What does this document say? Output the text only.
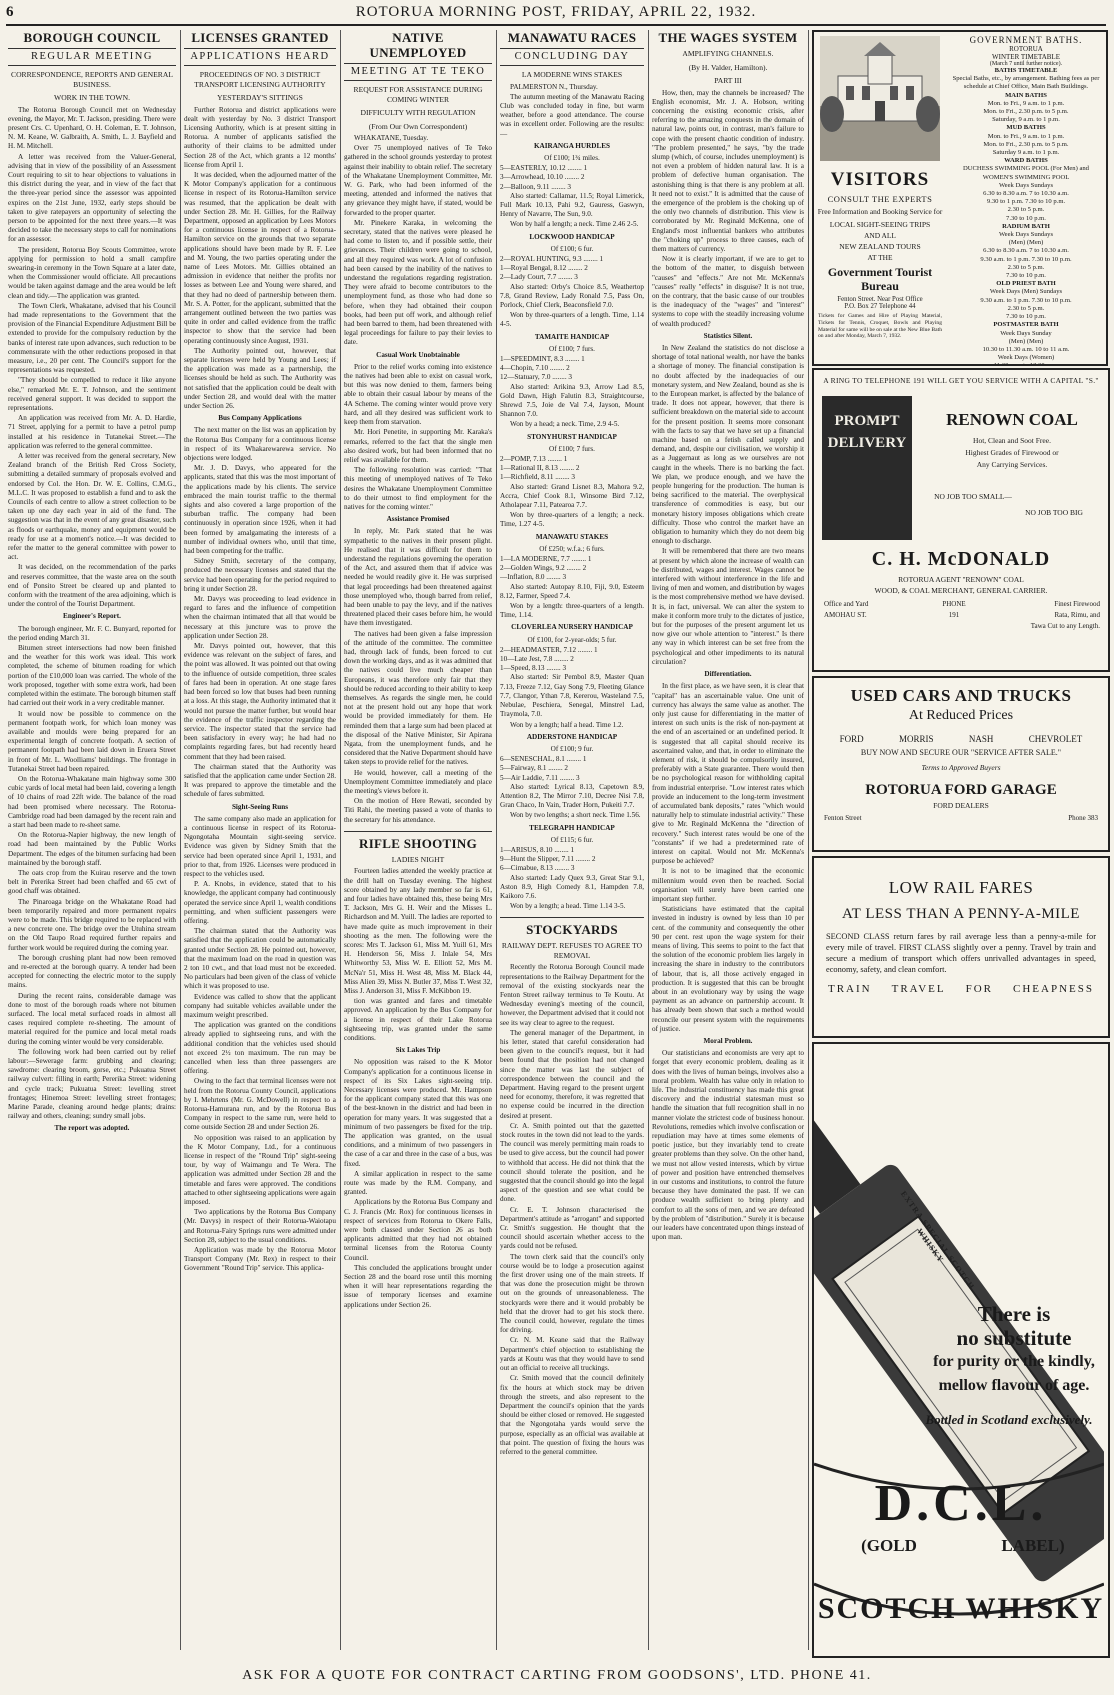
6	ROTORUA MORNING POST, FRIDAY, APRIL 22, 1932.
BOROUGH COUNCIL
REGULAR MEETING
CORRESPONDENCE, REPORTS AND GENERAL BUSINESS.
WORK IN THE TOWN.

The Rotorua Borough Council met on Wednesday evening, the Mayor, Mr. T. Jackson, presiding. There were present Crs. C. Upenhard, O. H. Coleman, E. T. Johnson, N. M. Keane, W. Galbraith, A. Smith, L. J. Bayfield and H. M. Mitchell.

A letter was received from the Valuer-General, advising that in view of the possibility of an Assessment Court requiring to sit to hear objections to valuations in this district during the year, and in view of the fact that the three-year period since the assessor was appointed expires on the 21st June, 1932, early steps should be taken to give ratepayers an opportunity of selecting the person to be appointed for the next three years.—It was decided to take the necessary steps to call for nominations for an assessor.

The president, Rotorua Boy Scouts Committee, wrote applying for permission to hold a small campfire swearing-in ceremony in the Town Square at a later date, when the Commissioner would officiate. All precautions would be taken against damage and the area would be left clean and tidy.—The application was granted.

The Town Clerk, Whakatane, advised that his Council had made representations to the Government that the provision of the Financial Expenditure Adjustment Bill be extended to provide for the compulsory reduction by the banks of interest rate upon advances, such reduction to be commensurate with the other reductions proposed in that measure, i.e., 20 per cent. The Council's support for the representations was requested.

"They should be compelled to reduce it like anyone else," remarked Mr. E. T. Johnson, and the sentiment received general support. It was decided to support the representations.

An application was received from Mr. A. D. Hardie, 71 Street, applying for a permit to have a petrol pump installed at his residence in Tutanekai Street.—The application was referred to the general committee.

A letter was received from the general secretary, New Zealand branch of the British Red Cross Society, submitting a detailed summary of proposals evolved and endorsed by Col. the Hon. Dr. W. E. Collins, C.M.G., M.L.C. It was proposed to establish a fund and to ask the Councils of each centre to allow a street collection to be taken up one day each year in aid of the fund. The suggestion was that in the event of any great disaster, such as floods or earthquake, money and equipment would be ready for use at a moment's notice.—It was decided to refer the matter to the general committee with power to act.

It was decided, on the recommendation of the parks and reserves committee, that the waste area on the south end of Ponsito Street be cleared up and planted to conform with the treatment of the area adjoining, which is under the control of the Tourist Department.

Engineer's Report.

The borough engineer, Mr. F. C. Bunyard, reported for the period ending March 31.

Bitumen street intersections had now been finished and the weather for this work was ideal. This work completed, the scheme of bitumen roading for which portion of the £10,000 loan was carried. The whole of the work proposed, together with some extra work, had been completed within the estimate. The borough bitumen staff had carried out their work in a very creditable manner.

It would now be possible to commence on the permanent footpath work, for which loan money was available and moulds were being prepared for an experimental length of concrete footpath. A section of permanent footpath had been laid down in Eruera Street in front of Mr. L. Woolliams' buildings. The frontage in Tutanekai Street had been repaired.

On the Rotorua-Whakatane main highway some 300 cubic yards of local metal had been laid, covering a length of 10 chains of road 22ft wide. The balance of the road had been promised where necessary. The Rotorua-Cambridge road had been damaged by the recent rain and a start had been made to re-sheet same.

On the Rotorua-Napier highway, the new length of road had been maintained by the Public Works Department. The edges of the bitumen surfacing had been maintained by the borough staff.

The oats crop from the Kuirau reserve and the town belt in Pererika Street had been chaffed and 65 cwt of good chaff was obtained.

The Pinaroaga bridge on the Whakatane Road had been temporarily repaired and more permanent repairs were to be made. This bridge required to be replaced with a new concrete one. The bridge over the Utuhina stream on the Old Taupo Road required further repairs and further work would be required during the coming year.

The borough crushing plant had now been removed and re-erected at the borough quarry. A tender had been accepted for connecting the electric motor to the supply mains.

During the recent rains, considerable damage was done to most of the borough roads where not bitumen surfaced. The local metal surfaced roads in almost all cases required complete re-sheeting. The amount of material required for the pumice and local metal roads during the coming winter would be very considerable.

The following work had been carried out by relief labour:—Sewerage farm: grubbing and clearing; sawdrome: clearing broom, gorse, etc.; Pukuatua Street railway culvert: filling in earth; Pererika Street: widening and cycle track; Pukuatua Street: levelling street frontages; Hinemoa Street: levelling street frontages; Marine Parade, cleaning around hedge plants; drains: railway and others, cleaning; sundry small jobs.

The report was adopted.

LICENSES GRANTED
APPLICATIONS HEARD
PROCEEDINGS OF NO. 3 DISTRICT TRANSPORT LICENSING AUTHORITY
YESTERDAY'S SITTINGS

Further Rotorua and district applications were dealt with yesterday by No. 3 district Transport Licensing Authority, which is at present sitting in Rotorua. A number of applicants satisfied the authority of their claims to be admitted under Section 28 of the Act, which grants a 12 months' license from April 1.

It was decided, when the adjourned matter of the K Motor Company's application for a continuous license in respect of its Rotorua-Hamilton service was resumed, that the application be dealt with under Section 28. Mr. H. Gillies, for the Railway Department, opposed an application by Lees Motors for a continuous license in respect of a Rotorua-Hamilton service on the grounds that two separate applications should have been made by R. F. Lee and M. Young, the two parties operating under the name of Lees Motors. Mr. Gillies obtained an admission in evidence that neither the profits nor losses as between Lee and Young were shared, and that they had no deed of partnership between them. Mr. S. A. Potter, for the applicant, submitted that the arrangement outlined between the two parties was quite in order and called evidence from the traffic inspector to show that the service had been operating continuously since August, 1931.

The Authority pointed out, however, that separate licenses were held by Young and Lees; if the application was made as a partnership, the licenses should be held as such. The Authority was not satisfied that the application could be dealt with under Section 28, and would deal with the matter under Section 26.

Bus Company Applications

The next matter on the list was an application by the Rotorua Bus Company for a continuous license in respect of its Whakarewarewa service. No objections were lodged.

Mr. J. D. Davys, who appeared for the applicants, stated that this was the most important of the applications made by his clients. The service embraced the main tourist traffic to the thermal sights and also covered a large proportion of the suburban traffic. The company had been continuously in operation since 1926, when it had been formed by amalgamating the interests of a number of individual owners who, until that time, had been competing for the traffic.

Sidney Smith, secretary of the company, produced the necessary licenses and stated that the service had been operating for the period required to bring it under Section 28.

Mr. Davys was proceeding to lead evidence in regard to fares and the influence of competition when the chairman intimated that all that would be necessary at this juncture was to prove the application under Section 28.

Mr. Davys pointed out, however, that this evidence was relevant on the subject of fares, and the point was allowed. It was pointed out that owing to the influence of outside competition, three scales of fares had been in operation. At one stage fares had been forced so low that buses had been running at a loss. At this stage, the Authority intimated that it would not pursue the matter further, but would hear the evidence of the traffic inspector regarding the service. The inspector stated that the service had been satisfactory in every way; he had had no complaints regarding fares, but had recently heard comment that they had been raised.

The chairman stated that the Authority was satisfied that the application came under Section 28. It was prepared to approve the timetable and the schedule of fares submitted.

Sight-Seeing Runs

The same company also made an application for a continuous license in respect of its Rotorua-Ngongotaha Mountain sight-seeing service. Evidence was given by Sidney Smith that the service had been operated since April 1, 1931, and prior to that, from 1926. Licenses were produced in respect to the vehicles used.

P. A. Knobs, in evidence, stated that to his knowledge, the applicant company had continuously operated the service since April 1, wealth conditions permitting, and when sufficient passengers were offering.

The chairman stated that the Authority was satisfied that the application could be automatically granted under Section 28. He pointed out, however, that the maximum load on the road in question was 2 ton 10 cwt., and that load must not be exceeded. No particulars had been given of the class of vehicle which it was proposed to use.

Evidence was called to show that the applicant company had suitable vehicles available under the maximum weight prescribed.

The application was granted on the conditions already applied to sightseeing runs, and with the additional condition that the vehicles used should not exceed 2½ ton maximum. The run may be cancelled when less than three passengers are offering.

Owing to the fact that terminal licenses were not held from the Rotorua County Council, applications by I. Mehrtens (Mr. G. McDowell) in respect to a Rotorua-Hamurana run, and by the Rotorua Bus Company in respect to the same run, were held to come outside Section 28 and under Section 26.

No opposition was raised to an application by the K Motor Company, Ltd., for a continuous license in respect of the "Round Trip" sight-seeing tour, by way of Waimangu and Te Wera. The application was admitted under Section 28 and the timetable and fares were approved. The conditions attached to other sightseeing applications were again imposed.

Two applications by the Rotorua Bus Company (Mr. Davys) in respect of their Rotorua-Waiotapu and Rotorua-Fairy Springs runs were admitted under Section 28, subject to the usual conditions.

Application was made by the Rotorua Motor Transport Company (Mr. Rex) in respect to their Government "Round Trip" service. This applica-

NATIVE UNEMPLOYED
MEETING AT TE TEKO
REQUEST FOR ASSISTANCE DURING COMING WINTER
DIFFICULTY WITH REGULATION
(From Our Own Correspondent)

WHAKATANE, Tuesday.

Over 75 unemployed natives of Te Teko gathered in the school grounds yesterday to protest against their inability to obtain relief. The secretary of the Whakatane Unemployment Committee, Mr. W. G. Park, who had been informed of the meeting, attended and informed the natives that any grievance they might have, if stated, would be forwarded to the proper quarter.

Mr. Pinekere Karaka, in welcoming the secretary, stated that the natives were pleased he had come to listen to, and if possible settle, their grievances. Their children were going to school, and all they required was work. A lot of confusion had been caused by the inability of the natives to understand the regulations regarding registration. They were afraid to become contributors to the unemployment fund, as those who had done so before, when they had obtained their coupon books, had been put off work, and although relief had been barred to them, had been threatened with legal proceedings for failure to pay their levies to date.

Casual Work Unobtainable

Prior to the relief works coming into existence the natives had been able to exist on casual work, but this was now denied to them, farmers being able to obtain their casual labour by means of the 4A Scheme. The coming winter would prove very hard, and all they desired was sufficient work to keep them from starvation.

Mr. Hori Penetite, in supporting Mr. Karaka's remarks, referred to the fact that the single men also desired work, but had been informed that no relief was available for them.

The following resolution was carried: "That this meeting of unemployed natives of Te Teko desires the Whakatane Unemployment Committee to do their utmost to find employment for the natives for the coming winter."

Assistance Promised

In reply, Mr. Park stated that he was sympathetic to the natives in their present plight. He realised that it was difficult for them to understand the regulations governing the operation of the Act, and assured them that if advice was needed he would readily give it. He was surprised that legal proceedings had been threatened against those unemployed who, though barred from relief, had been unable to pay the levy, and if the natives threatened placed their cases before him, he would have them investigated.

The natives had been given a false impression of the attitude of the committee. The committee had, through lack of funds, been forced to cut down the working days, and as it was admitted that the natives could live much cheaper than Europeans, it was therefore only fair that they should be reduced according to their ability to keep themselves. As regards the single men, he could not at the present hold out any hope that work would be provided immediately for them. He reminded them that a large sum had been placed at the disposal of the Native Minister, Sir Apirana Ngata, from the unemployment funds, and he considered that the Native Department should have taken steps to provide relief for the natives.

He would, however, call a meeting of the Unemployment Committee immediately and place the meeting's views before it.

On the motion of Here Rewati, seconded by Titi Rahi, the meeting passed a vote of thanks to the secretary for his attendance.

RIFLE SHOOTING
LADIES NIGHT

Fourteen ladies attended the weekly practice at the drill hall on Tuesday evening. The highest score obtained by any lady member so far is 61, and four ladies have obtained this, these being Mrs T. Jackson, Mrs G. H. Weir and the Misses L. Richardson and M. Yuill. The ladies are reported to have made quite as much improvement in their shooting as the men. The following were the scores: Mrs T. Jackson 61, Miss M. Yuill 61, Mrs H. Henderson 56, Miss J. Inlale 54, Mrs Whitworthy 53, Miss W. E. Elliott 52, Mrs M. McNa'r 51, Miss H. West 48, Miss M. Black 44, Miss Alien 39, Miss N. Butler 37, Miss T. West 32, Miss J. Anderson 31, Miss F. McKibbon 19.

tion was granted and fares and timetable approved. An application by the Bus Company for a license in respect of their Lake Rotorua sightseeing trip, was granted under the same conditions.

Six Lakes Trip

No opposition was raised to the K Motor Company's application for a continuous license in respect of its Six Lakes sight-seeing trip. Necessary licenses were produced. Mr. Hampson for the applicant company stated that this was one of the best-known in the district and had been in operation for many years. It was suggested that a minimum of two passengers be fixed for the trip. The application was granted, on the usual conditions, and a minimum of two passengers in the case of a car and three in the case of a bus, was fixed.

A similar application in respect to the same route was made by the R.M. Company, and granted.

Applications by the Rotorua Bus Company and C. J. Francis (Mr. Rox) for continuous licenses in respect of services from Rotorua to Okere Falls, were both classed under Section 26 as both applicants admitted that they had not obtained terminal licenses from the Rotorua County Council.

This concluded the applications brought under Section 28 and the board rose until this morning when it will hear representations regarding the issue of temporary licenses and examine applications under Section 26.

MANAWATU RACES
CONCLUDING DAY
LA MODERNE WINS STAKES

PALMERSTON N., Thursday.

The autumn meeting of the Manawatu Racing Club was concluded today in fine, but warm weather, before a good attendance. The course was in excellent order. Following are the results:—

KAIRANGA HURDLES

Of £100; 1¾ miles.

5—EASTERLY, 10.12 ........ 1

3—Arrowhead, 10.10 ........ 2

2—Balloon, 9.11 ........ 3

Also started: Callamar, 11.5; Royal Limerick, Full Mark 10.13, Pahi 9.2, Gauress, Gaswyn, Henry of Navarre, The Sun, 9.0.

Won by half a length; a neck. Time 2.46 2-5.

LOCKWOOD HANDICAP

Of £100; 6 fur.

2—ROYAL HUNTING, 9.3 ........ 1

1—Royal Bengal, 8.12 ........ 2

2—Lady Court, 7.7 ........ 3

Also started: Orby's Choice 8.5, Weathertop 7.8, Grand Review, Lady Ronald 7.5, Pass On, Porlock, Chief Clerk, Beaconsfield 7.0.

Won by three-quarters of a length. Time, 1.14 4-5.

TAMAITE HANDICAP

Of £100; 7 furs.

1—SPEEDMINT, 8.3 ........ 1

4—Chopin, 7.10 ........ 2

12—Statuary, 7.0 ........ 3

Also started: Arikina 9.3, Arrow Lad 8.5, Gold Dawn, High Falutin 8.3, Straightcourse, Shrewd 7.5, Joie de Val 7.4, Jayson, Mount Shannon 7.0.

Won by a head; a neck. Time, 2.9 4-5.

STONYHURST HANDICAP

Of £100; 7 furs.

2—POMP, 7.13 ........ 1

1—Rational II, 8.13 ........ 2

1—Richfield, 8.11 ........ 3

Also started: Grand Lisnet 8.3, Mahora 9.2, Accra, Chief Cook 8.1, Winsome Bird 7.12, Atholapear 7.11, Patearoa 7.7.

Won by three-quarters of a length; a neck. Time, 1.27 4-5.

MANAWATU STAKES

Of £250; w.f.a.; 6 furs.

1—LA MODERNE, 7.7 ........ 1

2—Golden Wings, 9.2 ........ 2

—Inflation, 8.0 ........ 3

Also started: Autopay 8.10, Fiji, 9.0, Esteem 8.12, Farmer, Speed 7.4.

Won by a length: three-quarters of a length. Time, 1.14.

CLOVERLEA NURSERY HANDICAP

Of £100, for 2-year-olds; 5 fur.

2—HEADMASTER, 7.12 ........ 1

10—Late Jest, 7.8 ........ 2

1—Speed, 8.13 ........ 3

Also started: Sir Pembol 8.9, Master Quan 7.13, Freeze 7.12, Gay Song 7.9, Fleeting Glance 7.7, Clangor, Ythan 7.8, Kererou, Wasteland 7.5, Nebulae, Peschiera, Senegal, Minstrel Lad, Traymola, 7.0.

Won by a length; half a head. Time 1.2.

ADDERSTONE HANDICAP

Of £100; 9 fur.

6—SENESCHAL, 8.1 ........ 1

5—Fairway, 8.1 ........ 2

5—Air Laddie, 7.11 ........ 3

Also started: Lyrical 8.13, Capetown 8.9, Attention 8.2, The Mirror 7.10, Decree Nisi 7.8, Gran Chaco, In Vain, Trader Horn, Pukeiti 7.7.

Won by two lengths; a short neck. Time 1.56.

TELEGRAPH HANDICAP

Of £115; 6 fur.

1—ARISUS, 8.10 ........ 1

9—Hunt the Slipper, 7.11 ........ 2

6—Cimabue, 8.13 ........ 3

Also started: Lady Quex 9.3, Great Star 9.1, Aston 8.9, High Comedy 8.1, Hampden 7.8, Kaikoro 7.6.

Won by a length; a head. Time 1.14 3-5.

STOCKYARDS
RAILWAY DEPT. REFUSES TO AGREE TO REMOVAL

Recently the Rotorua Borough Council made representations to the Railway Department for the removal of the existing stockyards near the Fenton Street railway terminus to Te Koutu. At Wednesday evening's meeting of the council, however, the Department advised that it could not see its way clear to agree to the request.

The general manager of the Department, in his letter, stated that careful consideration had been given to the council's request, but it had been found that the position had not changed since the matter was last the subject of correspondence between the council and the Department. Having regard to the present urgent need for economy, therefore, it was regretted that no expense could be incurred in the direction desired at present.

Cr. A. Smith pointed out that the gazetted stock routes in the town did not lead to the yards. The council was merely permitting main roads to be used to give access, but the council had power to withhold that access. He did not think that the council should tolerate the position, and he suggested that the council should go into the legal aspect of the question and see what could be done.

Cr. E. T. Johnson characterised the Department's attitude as "arrogant" and supported Cr. Smith's suggestion. He thought that the council should ascertain whether access to the yards could not be refused.

The town clerk said that the council's only course would be to lodge a prosecution against the first drover using one of the main streets. If that was done the prosecution might be thrown out on the grounds of unreasonableness. The stockyards were there and it would probably be held that the drover had to get his stock there. The council could, however, regulate the times for driving.

Cr. N. M. Keane said that the Railway Department's chief objection to establishing the yards at Koutu was that they would have to send out an official to receive all truckings.

Cr. Smith moved that the council definitely fix the hours at which stock may be driven through the streets, and also represent to the Department the council's opinion that the yards should be either closed or removed. He suggested that the Ngongotaha yards would serve the purpose, especially as an official was available at that point. The question of fixing the hours was referred to the general committee.

THE WAGES SYSTEM
AMPLIFYING CHANNELS.
(By H. Valder, Hamilton).
PART III

How, then, may the channels be increased? The English economist, Mr. J. A. Hobson, writing concerning the existing economic crisis, after referring to the amazing conquests in the domain of natural law, points out, in contrast, man's failure to cope with the present chaotic condition of industry. "The problem presented," he says, "by the trade slump (which, of course, includes unemployment) is not even a problem of hidden natural law. It is a problem of defective human organisation. The astonishing thing is that there is any problem at all. It need not to exist." It is admitted that the cause of the emergence of the problem is the choking up of the only two channels of distribution. This view is corroborated by Mr. Reginald McKenna, one of England's most influential bankers who attributes the "choking up" process to three causes, each of them matters of currency.

Now it is clearly important, if we are to get to the bottom of the matter, to disguish between "causes" and "effects." Are not Mr. McKenna's "causes" really "effects" in disguise? It is not true, on the contrary, that the basic cause of our troubles is the inadequacy of the "wages" and "interest" systems to cope with the steadily increasing volume of wealth produced?

Statistics Silent.

In New Zealand the statistics do not disclose a shortage of total national wealth, nor have the banks a shortage of money. The financial constipation is no doubt affected by the inadequacies of our monetary system, and New Zealand, bound as she is to the European market, is affected by the balance of trade. It does not appear, however, that there is sufficient breakdown on the material side to account for the present position. It seems more consonant with the facts to say that we have set up a financial machine based on a fetish called supply and demand, and, despite our civilisation, we worship it as a Juggernaut as long as we ourselves are not caught in the wheels. There is no barking the fact. We plan, we produce enough, and we have the people hungering for the production. The human is being sacrificed to the material. The overphysical transference of commodities is easy, but our monetary history imposes obligations which create difficulty. Those who control the market have an obligation to humanity which they do not deem big enough to discharge.

It will be remembered that there are two means at present by which alone the increase of wealth can be distributed, wages and interest. Wages cannot be interfered with without interference in the life and living of men and women, and distribution by wages is the most comprehensive method we have devised. It is, in fact, universal. We can alter the system to make it conform more truly to the dictates of justice, but for the purposes of the present argument let us now give our whole attention to "interest." Is there any way in which interest can be set free from the psychological and other impediments to its natural circulation?

Differentiation.

In the first place, as we have seen, it is clear that "capital" has an ascertainable value. One unit of currency has always the same value as another. The only just cause for differentiating in the matter of interest on such units is the risk of non-payment at the end of an ascertained or an undefined period. It is suggested that all capital should receive its ascertained value, and that, in order to eliminate the element of risk, it should be compulsorily insured, preferably with a State guarantee. There would then be no psychological reason for withholding capital from industrial enterprise. "Low interest rates which provide an inducement to the long-term investment of accumulated bank deposits," rates "which would naturally help to stimulate industrial activity." These give to Mr. Reginald McKenna the "direction of recovery." Such interest rates would be one of the "constants" if we had a predetermined rate of interest on capital. Would not Mr. McKenna's purpose be achieved?

It is not to be imagined that the economic millennium would even then be reached. Social organisation will surely have been carried one important step further.

Statisticians have estimated that the capital invested in industry is owned by less than 10 per cent. of the community and consequently the other 90 per cent. rest upon the wage system for their means of living. This seems to point to the fact that the solution of the economic problem lies largely in increasing the share in industry to the contributors of labour, that is, all those actively engaged in production. It is suggested that this can be brought about in an evolutionary way by using the wage payment as an advance on partnership account. It has already been shown that such a method would reconcile our present system with the requirements of justice.

Moral Problem.

Our statisticians and economists are very apt to forget that every economic problem, dealing as it does with the lives of human beings, involves also a moral problem. Wealth has value only in relation to life. The industrial constituency has made this great discovery and the industrial statesman must so handle the situation that full recognition shall in no manner violate the strictest code of business honour. Revolutions, remedies which involve confiscation or repudiation may have at times some elements of poetic justice, but they invariably tend to create greater problems than they solve. On the other hand, we must not allow vested interests, which by virtue of power and position have entrenched themselves in our customs and institutions, to control the future because they have dominated the past. If we can produce wealth sufficient to bring plenty and comfort to all the sons of men, and we are defeated by the problem of "distribution." Surely it is because our leaders have concentrated upon things instead of upon man.

VISITORS
CONSULT THE EXPERTS
Free Information and Booking Service for
LOCAL SIGHT-SEEING TRIPS
AND ALL
NEW ZEALAND TOURS
AT THE
Government Tourist Bureau
Fenton Street. Near Post Office
P.O. Box 27 Telephone 44
Tickets for Games and Hire of Playing Material, Tickets for Tennis, Croquet, Bowls and Playing Material for same will be on sale at the New Blue Bath on and after Monday, March 7, 1932.
GOVERNMENT BATHS.
ROTORUA
WINTER TIMETABLE
(March 7 until further notice).

BATHS TIMETABLE

Special Baths, etc., by arrangement. Bathing fees as per schedule at Chief Office, Main Bath Buildings.

MAIN BATHS

Mon. to Fri., 9 a.m. to 1 p.m.

Mon. to Fri., 2.30 p.m. to 5 p.m.

Saturday, 9 a.m. to 1 p.m.

MUD BATHS

Mon. to Fri., 9 a.m. to 1 p.m.

Mon. to Fri., 2.30 p.m. to 5 p.m.

Saturday 9 a.m. to 1 p.m.

WARD BATHS

DUCHESS SWIMMING POOL (For Men) and WOMEN'S SWIMMING POOL

Week Days Sundays

6.30 to 8.30 a.m. 7 to 10.30 a.m.

9.30 to 1 p.m. 7.30 to 10 p.m.

2.30 to 5 p.m.

7.30 to 10 p.m.

RADIUM BATH

Week Days Sundays

(Men) (Men)

6.30 to 8.30 a.m. 7 to 10.30 a.m.

9.30 a.m. to 1 p.m. 7.30 to 10 p.m.

2.30 to 5 p.m.

7.30 to 10 p.m.

OLD PRIEST BATH

Week Days (Men) Sundays

9.30 a.m. to 1 p.m. 7.30 to 10 p.m.

2.30 to 5 p.m.

7.30 to 10 p.m.

POSTMASTER BATH

Week Days Sunday

(Men) (Men)

10.30 to 11.30 a.m. 10 to 11 a.m.

Week Days (Women)

11.30 a.m. to 12.30 p.m.

A RING TO TELEPHONE 191 WILL GET YOU SERVICE WITH A CAPITAL "S."
PROMPT DELIVERY
RENOWN COAL
Hot, Clean and Soot Free.
Highest Grades of Firewood or
Any Carrying Services.
NO JOB TOO SMALL—
NO JOB TOO BIG
C. H. McDONALD
ROTORUA AGENT "RENOWN" COAL
WOOD, & COAL MERCHANT, GENERAL CARRIER.
Office and Yard
AMOHAU ST.
PHONE
191
Finest Firewood
Rata, Rimu, and
Tawa Cut to any Length.
USED CARS AND TRUCKS
At Reduced Prices
FORD	MORRIS	NASH	CHEVROLET
BUY NOW AND SECURE OUR "SERVICE AFTER SALE."
Terms to Approved Buyers
ROTORUA FORD GARAGE
FORD DEALERS
Fenton Street	Phone 383
LOW RAIL FARES
AT LESS THAN A PENNY-A-MILE
SECOND CLASS return fares by rail average less than a penny-a-mile for every mile of travel. FIRST CLASS slightly over a penny. Travel by train and secure a medium of transport which offers unrivalled advantages in speed, economy, safety, and clean comfort.
TRAIN TRAVEL FOR CHEAPNESS
EXTRA SPECIAL SCOTCH WHISKY
There is
no substitute
for purity or the kindly,
mellow flavour of age.
Bottled in Scotland exclusively.
D.C.L.
(GOLD	LABEL)
SCOTCH WHISKY
ASK FOR A QUOTE FOR CONTRACT CARTING FROM GOODSONS', LTD. PHONE 41.
